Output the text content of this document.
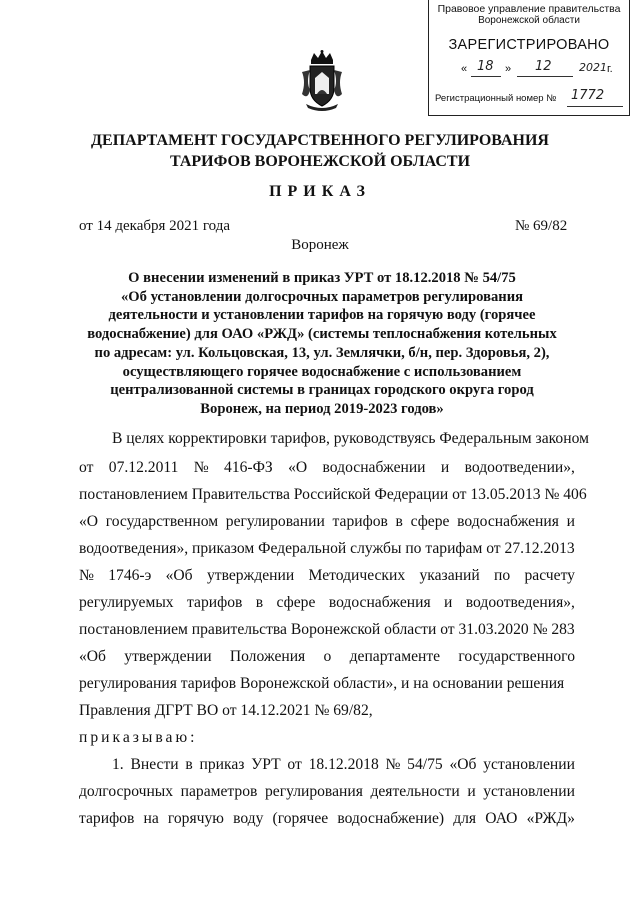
Правовое управление правительства
Воронежской области
ЗАРЕГИСТРИРОВАНО
« 18 » 12 2021 г.
Регистрационный номер № 1772
ДЕПАРТАМЕНТ ГОСУДАРСТВЕННОГО РЕГУЛИРОВАНИЯ
ТАРИФОВ ВОРОНЕЖСКОЙ ОБЛАСТИ
ПРИКАЗ
от 14 декабря 2021 года	№ 69/82
Воронеж
О внесении изменений в приказ УРТ от 18.12.2018 № 54/75
«Об установлении долгосрочных параметров регулирования
деятельности и установлении тарифов на горячую воду (горячее
водоснабжение) для ОАО «РЖД» (системы теплоснабжения котельных
по адресам: ул. Кольцовская, 13, ул. Землячки, б/н, пер. Здоровья, 2),
осуществляющего горячее водоснабжение с использованием
централизованной системы в границах городского округа город
Воронеж, на период 2019-2023 годов»
В целях корректировки тарифов, руководствуясь Федеральным законом
от 07.12.2011 № 416-ФЗ «О водоснабжении и водоотведении»,
постановлением Правительства Российской Федерации от 13.05.2013 № 406
«О государственном регулировании тарифов в сфере водоснабжения и
водоотведения», приказом Федеральной службы по тарифам от 27.12.2013
№ 1746-э «Об утверждении Методических указаний по расчету
регулируемых тарифов в сфере водоснабжения и водоотведения»,
постановлением правительства Воронежской области от 31.03.2020 № 283
«Об утверждении Положения о департаменте государственного
регулирования тарифов Воронежской области», и на основании решения
Правления ДГРТ ВО от 14.12.2021 № 69/82,
приказываю:
1. Внести в приказ УРТ от 18.12.2018 № 54/75 «Об установлении
долгосрочных параметров регулирования деятельности и установлении
тарифов на горячую воду (горячее водоснабжение) для ОАО «РЖД»
